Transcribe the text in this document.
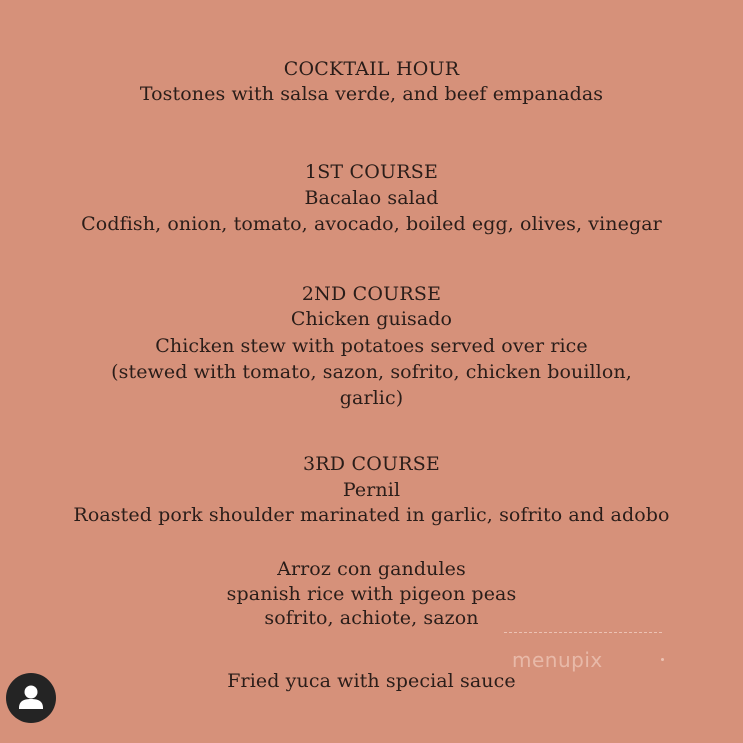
COCKTAIL HOUR
Tostones with salsa verde, and beef empanadas
1ST COURSE
Bacalao salad
Codfish, onion, tomato, avocado, boiled egg, olives, vinegar
2ND COURSE
Chicken guisado
Chicken stew with potatoes served over rice
(stewed with tomato, sazon, sofrito, chicken bouillon,
garlic)
3RD COURSE
Pernil
Roasted pork shoulder marinated in garlic, sofrito and adobo
Arroz con gandules
spanish rice with pigeon peas
sofrito, achiote, sazon
Fried yuca with special sauce
menupix
